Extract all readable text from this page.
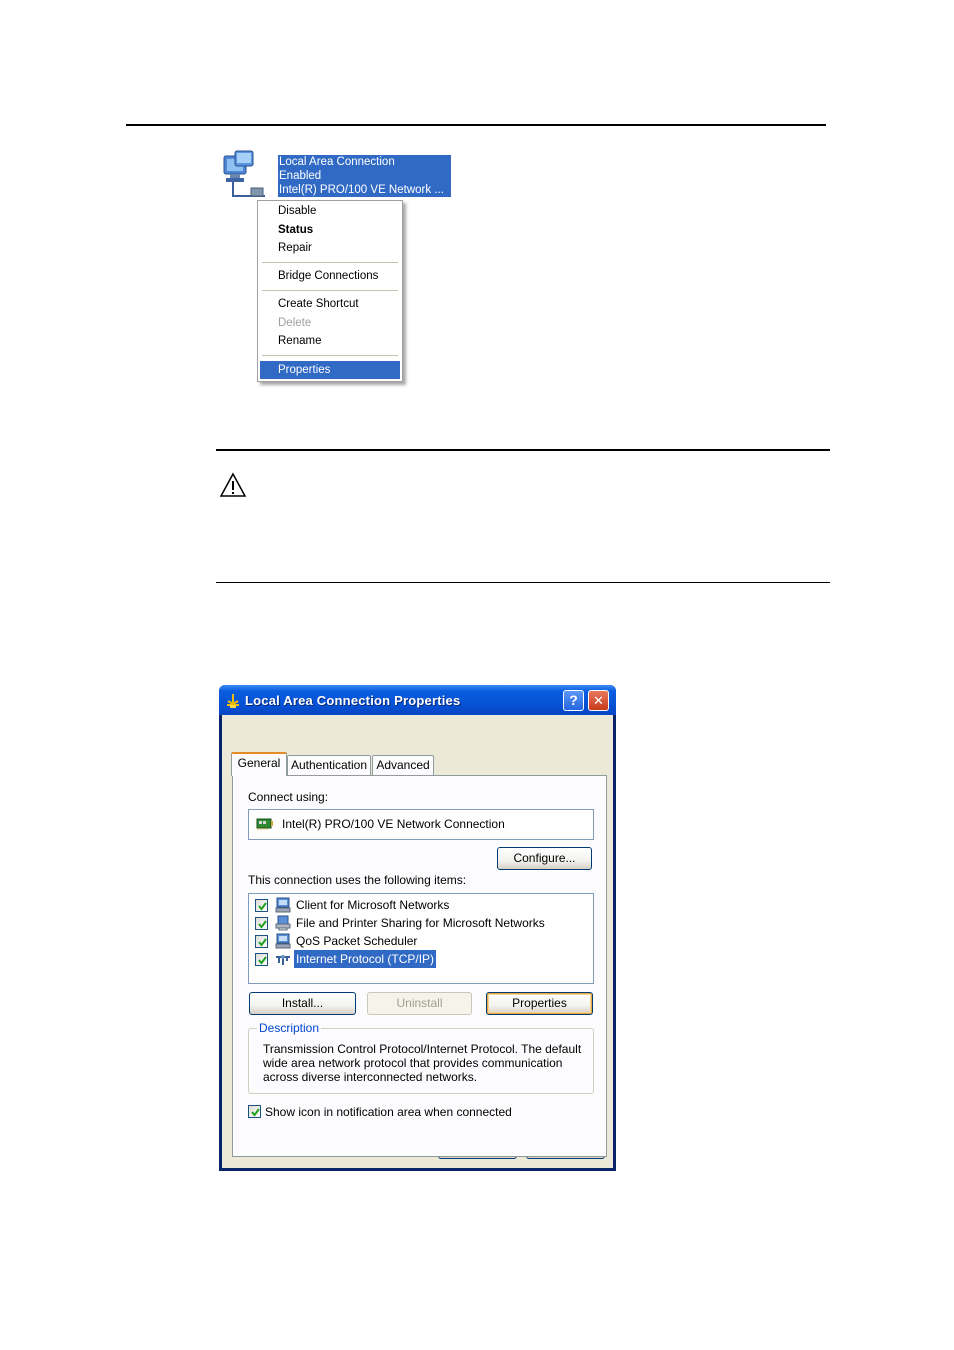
Local Area Connection
Enabled
Intel(R) PRO/100 VE Network ...
Disable
Status
Repair
Bridge Connections
Create Shortcut
Delete
Rename
Properties
Local Area Connection Properties	?	✕
General Authentication Advanced
Connect using:
Intel(R) PRO/100 VE Network Connection
Configure...
This connection uses the following items:
Client for Microsoft Networks
File and Printer Sharing for Microsoft Networks
QoS Packet Scheduler
Internet Protocol (TCP/IP)
Install...	Uninstall	Properties
Description
Transmission Control Protocol/Internet Protocol. The default wide area network protocol that provides communication across diverse interconnected networks.
Show icon in notification area when connected
